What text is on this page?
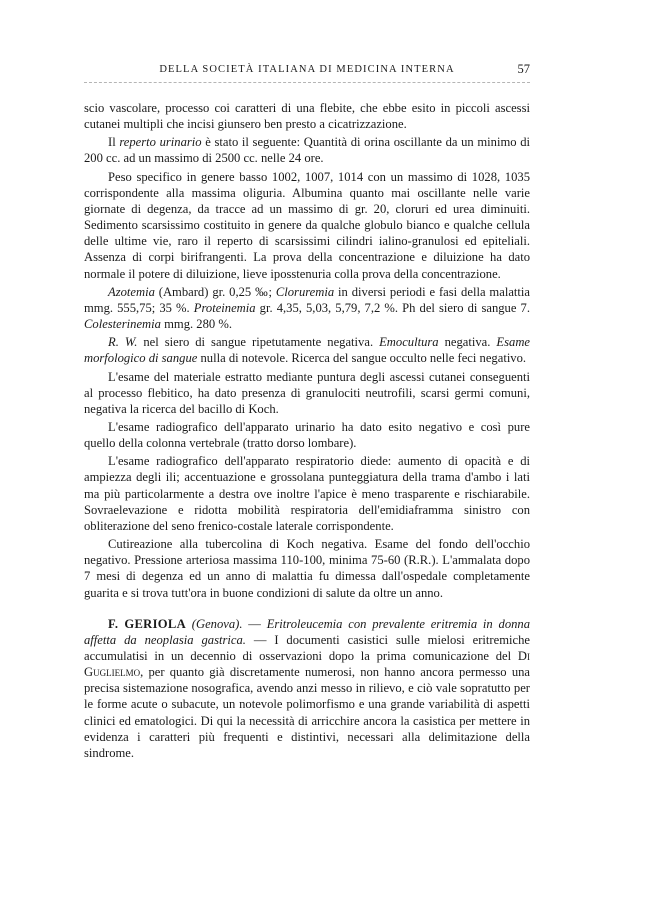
DELLA SOCIETÀ ITALIANA DI MEDICINA INTERNA	57

scio vascolare, processo coi caratteri di una flebite, che ebbe esito in piccoli ascessi cutanei multipli che incisi giunsero ben presto a cicatrizzazione.

Il reperto urinario è stato il seguente: Quantità di orina oscillante da un minimo di 200 cc. ad un massimo di 2500 cc. nelle 24 ore.

Peso specifico in genere basso 1002, 1007, 1014 con un massimo di 1028, 1035 corrispondente alla massima oliguria. Albumina quanto mai oscillante nelle varie giornate di degenza, da tracce ad un massimo di gr. 20, cloruri ed urea diminuiti. Sedimento scarsissimo costituito in genere da qualche globulo bianco e qualche cellula delle ultime vie, raro il reperto di scarsissimi cilindri ialino-granulosi ed epiteliali. Assenza di corpi birifrangenti. La prova della concentrazione e diluizione ha dato normale il potere di diluizione, lieve iposstenuria colla prova della concentrazione.

Azotemia (Ambard) gr. 0,25 ‰; Cloruremia in diversi periodi e fasi della malattia mmg. 555,75; 35 %. Proteinemia gr. 4,35, 5,03, 5,79, 7,2 %. Ph del siero di sangue 7. Colesterinemia mmg. 280 %.

R. W. nel siero di sangue ripetutamente negativa. Emocultura negativa. Esame morfologico di sangue nulla di notevole. Ricerca del sangue occulto nelle feci negativo.

L'esame del materiale estratto mediante puntura degli ascessi cutanei conseguenti al processo flebitico, ha dato presenza di granulociti neutrofili, scarsi germi comuni, negativa la ricerca del bacillo di Koch.

L'esame radiografico dell'apparato urinario ha dato esito negativo e così pure quello della colonna vertebrale (tratto dorso lombare).

L'esame radiografico dell'apparato respiratorio diede: aumento di opacità e di ampiezza degli ili; accentuazione e grossolana punteggiatura della trama d'ambo i lati ma più particolarmente a destra ove inoltre l'apice è meno trasparente e rischiarabile. Sovraelevazione e ridotta mobilità respiratoria dell'emidiaframma sinistro con obliterazione del seno frenico-costale laterale corrispondente.

Cutireazione alla tubercolina di Koch negativa. Esame del fondo dell'occhio negativo. Pressione arteriosa massima 110-100, minima 75-60 (R.R.). L'ammalata dopo 7 mesi di degenza ed un anno di malattia fu dimessa dall'ospedale completamente guarita e si trova tutt'ora in buone condizioni di salute da oltre un anno.

F. GERIOLA (Genova). — Eritroleucemia con prevalente eritremia in donna affetta da neoplasia gastrica. — I documenti casistici sulle mielosi eritremiche accumulatisi in un decennio di osservazioni dopo la prima comunicazione del Di Guglielmo, per quanto già discretamente numerosi, non hanno ancora permesso una precisa sistemazione nosografica, avendo anzi messo in rilievo, e ciò vale sopratutto per le forme acute o subacute, un notevole polimorfismo e una grande variabilità di aspetti clinici ed ematologici. Di qui la necessità di arricchire ancora la casistica per mettere in evidenza i caratteri più frequenti e distintivi, necessari alla delimitazione della sindrome.
